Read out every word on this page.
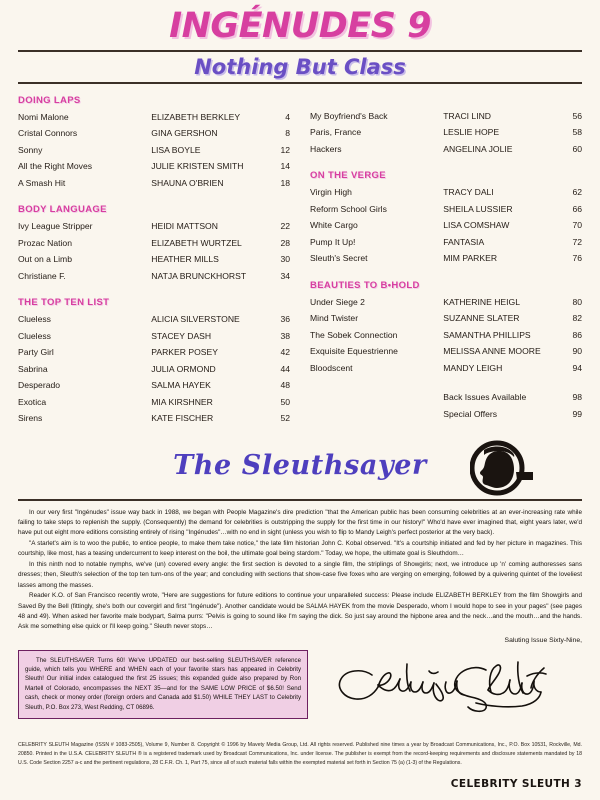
INGÉNUDES 9
Nothing But Class
DOING LAPS
Nomi Malone	ELIZABETH BERKLEY	4
Cristal Connors	GINA GERSHON	8
Sonny	LISA BOYLE	12
All the Right Moves	JULIE KRISTEN SMITH	14
A Smash Hit	SHAUNA O'BRIEN	18
BODY LANGUAGE
Ivy League Stripper	HEIDI MATTSON	22
Prozac Nation	ELIZABETH WURTZEL	28
Out on a Limb	HEATHER MILLS	30
Christiane F.	NATJA BRUNCKHORST	34
THE TOP TEN LIST
Clueless	ALICIA SILVERSTONE	36
Clueless	STACEY DASH	38
Party Girl	PARKER POSEY	42
Sabrina	JULIA ORMOND	44
Desperado	SALMA HAYEK	48
Exotica	MIA KIRSHNER	50
Sirens	KATE FISCHER	52
My Boyfriend's Back	TRACI LIND	56
Paris, France	LESLIE HOPE	58
Hackers	ANGELINA JOLIE	60
ON THE VERGE
Virgin High	TRACY DALI	62
Reform School Girls	SHEILA LUSSIER	66
White Cargo	LISA COMSHAW	70
Pump It Up!	FANTASIA	72
Sleuth's Secret	MIM PARKER	76
BEAUTIES TO B•HOLD
Under Siege 2	KATHERINE HEIGL	80
Mind Twister	SUZANNE SLATER	82
The Sobek Connection	SAMANTHA PHILLIPS	86
Exquisite Equestrienne	MELISSA ANNE MOORE	90
Bloodscent	MANDY LEIGH	94
Back Issues Available	98
Special Offers	99
The Sleuthsayer

In our very first "Ingénudes" issue way back in 1988, we began with People Magazine's dire prediction "that the American public has been consuming celebrities at an ever-increasing rate while failing to take steps to replenish the supply. (Consequently) the demand for celebrities is outstripping the supply for the first time in our history!" Who'd have ever imagined that, eight years later, we'd have put out eight more editions consisting entirely of rising "Ingénudes"…with no end in sight (unless you wish to flip to Mandy Leigh's perfect posterior at the very back).

"A starlet's aim is to woo the public, to entice people, to make them take notice," the late film historian John C. Kobal observed. "It's a courtship initiated and fed by her picture in magazines. This courtship, like most, has a teasing undercurrent to keep interest on the boil, the ultimate goal being stardom." Today, we hope, the ultimate goal is Sleuthdom…

In this ninth nod to notable nymphs, we've (un) covered every angle: the first section is devoted to a single film, the striplings of Showgirls; next, we introduce up 'n' coming authoresses sans dresses; then, Sleuth's selection of the top ten turn-ons of the year; and concluding with sections that show-case five foxes who are verging on emerging, followed by a quivering quintet of the loveliest lasses among the masses.

Reader K.O. of San Francisco recently wrote, "Here are suggestions for future editions to continue your unparalleled success: Please include ELIZABETH BERKLEY from the film Showgirls and Saved By the Bell (fittingly, she's both our covergirl and first "Ingénude"). Another candidate would be SALMA HAYEK from the movie Desperado, whom I would hope to see in your pages" (see pages 48 and 49). When asked her favorite male bodypart, Salma purrs: "Pelvis is going to sound like I'm saying the dick. So just say around the hipbone area and the neck…and the mouth…and the hands. Ask me something else quick or I'll keep going." Sleuth never stops…

Saluting Issue Sixty-Nine,

The SLEUTHSAVER Turns 60! We've UPDATED our best-selling SLEUTHSAVER reference guide, which tells you WHERE and WHEN each of your favorite stars has appeared in Celebrity Sleuth! Our initial index catalogued the first 25 issues; this expanded guide also prepared by Ron Martell of Colorado, encompasses the NEXT 35—and for the SAME LOW PRICE of $6.50! Send cash, check or money order (foreign orders and Canada add $1.50) WHILE THEY LAST to Celebrity Sleuth, P.O. Box 273, West Redding, CT 06896.

CELEBRITY SLEUTH Magazine (ISSN # 1083-2505), Volume 9, Number 8. Copyright © 1996 by Mavety Media Group, Ltd. All rights reserved. Published nine times a year by Broadcast Communications, Inc., P.O. Box 10531, Rockville, Md. 20850. Printed in the U.S.A. CELEBRITY SLEUTH ® is a registered trademark used by Broadcast Communications, Inc. under license. The publisher is exempt from the record-keeping requirements and disclosure statements mandated by 18 U.S. Code Section 2257 a-c and the pertinent regulations, 28 C.F.R. Ch. 1, Part 75, since all of such material falls within the exempted material set forth in Section 75 (a) (1-3) of the Regulations.

CELEBRITY SLEUTH 3
